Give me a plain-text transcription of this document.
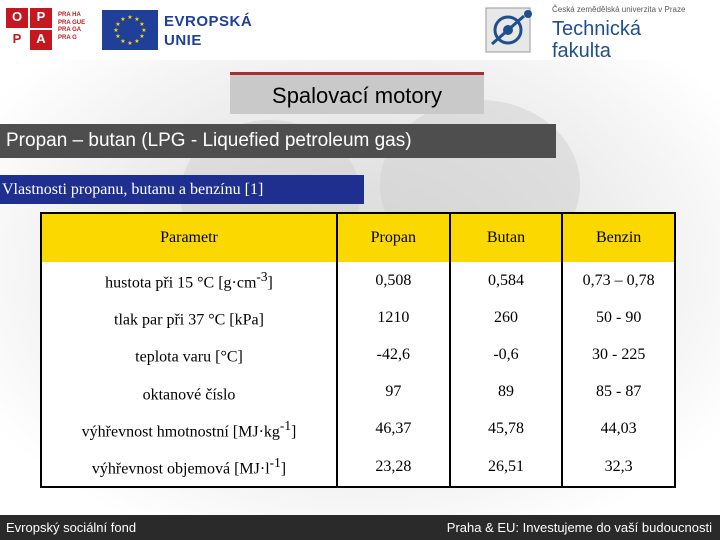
O	P
P	A
PRA HA
PRA GUE
PRA GA
PRA G
★ ★
★
★
★
★
★
★
★
★
★
★	EVROPSKÁ
UNIE
Česká zemědělská univerzita v Praze
Technická
fakulta
Spalovací motory
Propan – butan (LPG - Liquefied petroleum gas)
Vlastnosti propanu, butanu a benzínu [1]
Parametr	Propan	Butan	Benzin
hustota při 15 °C $[g\cdot cm^{-3}]$	0,508	0,584	0,73 – 0,78
tlak par při 37 °C [kPa]	1210	260	50 - 90
teplota varu [°C]	-42,6	-0,6	30 - 225
oktanové číslo	97	89	85 - 87
výhřevnost hmotnostní $[MJ\cdot kg^{-1}]$	46,37	45,78	44,03
výhřevnost objemová $[MJ\cdot l^{-1}]$	23,28	26,51	32,3
Evropský sociální fond	Praha & EU: Investujeme do vaší budoucnosti
